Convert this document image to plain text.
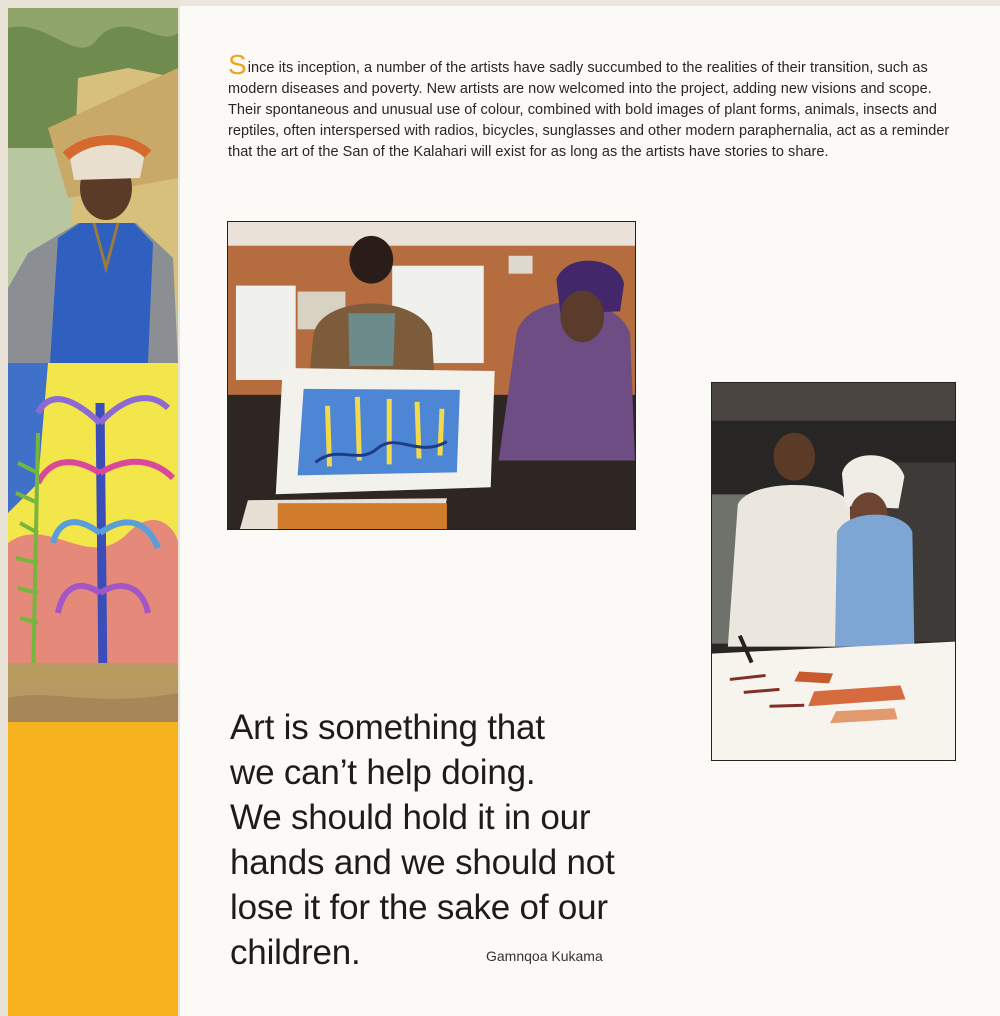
Since its inception, a number of the artists have sadly succumbed to the realities of their transition, such as modern diseases and poverty. New artists are now welcomed into the project, adding new visions and scope. Their spontaneous and unusual use of colour, combined with bold images of plant forms, animals, insects and reptiles, often interspersed with radios, bicycles, sunglasses and other modern paraphernalia, act as a reminder that the art of the San of the Kalahari will exist for as long as the artists have stories to share.
Art is something that
we can’t help doing.
We should hold it in our
hands and we should not
lose it for the sake of our
children.	Gamnqoa Kukama
